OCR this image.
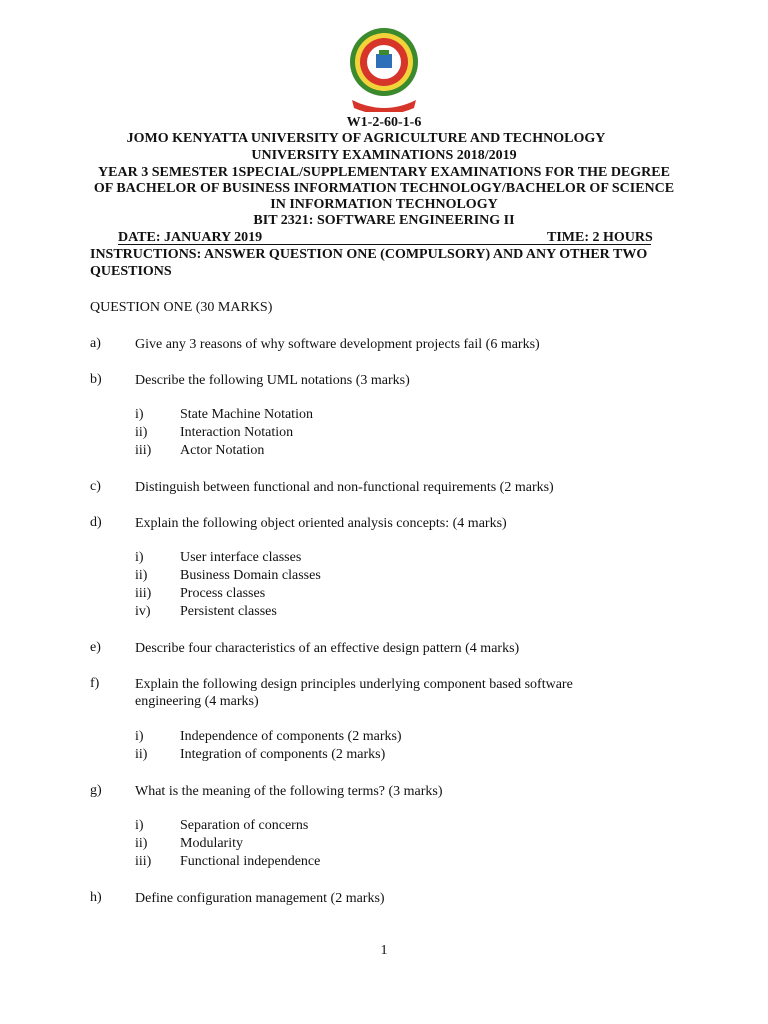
W1-2-60-1-6
JOMO KENYATTA UNIVERSITY OF AGRICULTURE AND TECHNOLOGY
UNIVERSITY EXAMINATIONS 2018/2019
YEAR 3 SEMESTER 1SPECIAL/SUPPLEMENTARY EXAMINATIONS FOR THE DEGREE
OF BACHELOR OF BUSINESS INFORMATION TECHNOLOGY/BACHELOR OF SCIENCE
IN INFORMATION TECHNOLOGY
BIT 2321: SOFTWARE ENGINEERING II
DATE: JANUARY 2019	TIME: 2 HOURS
INSTRUCTIONS: ANSWER QUESTION ONE (COMPULSORY) AND ANY OTHER TWO QUESTIONS
QUESTION ONE (30 MARKS)
a) Give any 3 reasons of why software development projects fail (6 marks)
b) Describe the following UML notations (3 marks)
i)	State Machine Notation
ii) Interaction Notation
iii) Actor Notation
c) Distinguish between functional and non-functional requirements (2 marks)
d) Explain the following object oriented analysis concepts: (4 marks)
i)	User interface classes
ii) Business Domain classes
iii) Process classes
iv) Persistent classes
e) Describe four characteristics of an effective design pattern (4 marks)
f)	Explain the following design principles underlying component based software engineering (4 marks)
i)	Independence of components (2 marks)
ii) Integration of components (2 marks)
g) What is the meaning of the following terms? (3 marks)
i)	Separation of concerns
ii) Modularity
iii) Functional independence
h) Define configuration management (2 marks)
1
